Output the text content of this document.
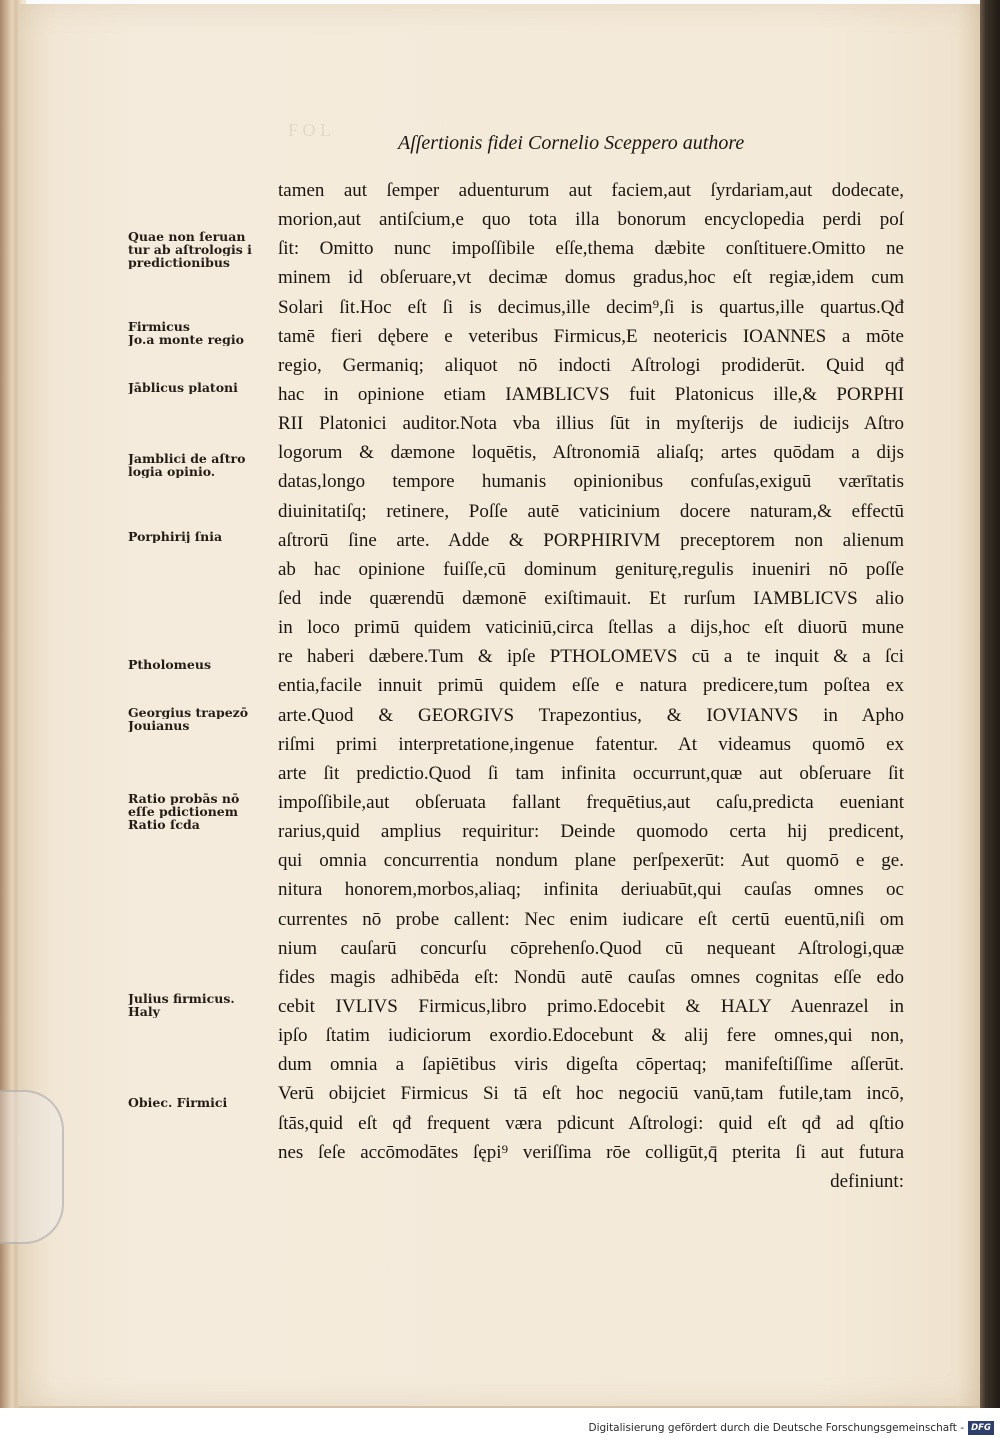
F O L

Aſſertionis fidei Cornelio Sceppero authore
tamen aut ſemper aduenturum aut faciem,aut ſyrdariam,aut dodecate,
morion,aut antiſcium,e quo tota illa bonorum encyclopedia perdi poſ
ſit: Omitto nunc impoſſibile eſſe,thema dæbite conſtituere.Omitto ne
minem id obſeruare,vt decimæ domus gradus,hoc eſt regiæ,idem cum
Solari ſit.Hoc eſt ſi is decimus,ille decim⁹,ſi is quartus,ille quartus.Qđ
tamē fieri dębere e veteribus Firmicus,E neotericis IOANNES a mōte
regio, Germaniq; aliquot nō indocti Aſtrologi prodiderūt. Quid qđ
hac in opinione etiam IAMBLICVS fuit Platonicus ille,& PORPHI
RII Platonici auditor.Nota vba illius ſūt in myſterijs de iudicijs Aſtro
logorum & dæmone loquētis, Aſtronomiā aliaſq; artes quōdam a dijs
datas,longo tempore humanis opinionibus confuſas,exiguū værītatis
diuinitatiſq; retinere, Poſſe autē vaticinium docere naturam,& effectū
aſtrorū ſine arte. Adde & PORPHIRIVM preceptorem non alienum
ab hac opinione fuiſſe,cū dominum geniturę,regulis inueniri nō poſſe
ſed inde quærendū dæmonē exiſtimauit. Et rurſum IAMBLICVS alio
in loco primū quidem vaticiniū,circa ſtellas a dijs,hoc eſt diuorū mune
re haberi dæbere.Tum & ipſe PTHOLOMEVS cū a te inquit & a ſci
entia,facile innuit primū quidem eſſe e natura predicere,tum poſtea ex
arte.Quod & GEORGIVS Trapezontius, & IOVIANVS in Apho
riſmi primi interpretatione,ingenue fatentur. At videamus quomō ex
arte ſit predictio.Quod ſi tam infinita occurrunt,quæ aut obſeruare ſit
impoſſibile,aut obſeruata fallant frequētius,aut caſu,predicta eueniant
rarius,quid amplius requiritur: Deinde quomodo certa hij predicent,
qui omnia concurrentia nondum plane perſpexerūt: Aut quomō e ge.
nitura honorem,morbos,aliaq; infinita deriuabūt,qui cauſas omnes oc
currentes nō probe callent: Nec enim iudicare eſt certū euentū,niſi om
nium cauſarū concurſu cōprehenſo.Quod cū nequeant Aſtrologi,quæ
fides magis adhibēda eſt: Nondū autē cauſas omnes cognitas eſſe edo
cebit IVLIVS Firmicus,libro primo.Edocebit & HALY Auenrazel in
ipſo ſtatim iudiciorum exordio.Edocebunt & alij fere omnes,qui non,
dum omnia a ſapiētibus viris digeſta cōpertaq; manifeſtiſſime aſſerūt.
Verū obijciet Firmicus Si tā eſt hoc negociū vanū,tam futile,tam incō,
ſtās,quid eſt qđ frequent væra pdicunt Aſtrologi: quid eſt qđ ad qſtio
nes ſeſe accōmodātes ſępi⁹ veriſſima rōe colligūt,q̄ pterita ſi aut futura
definiunt:
Quae non ſeruan
tur ab aſtrologis i
predictionibus
Firmicus
Jo.a monte regio
Jāblicus platoni
Jamblici de aſtro
logia opinio.
Porphirij ſnia
Ptholomeus
Georgius trapezō
Jouianus
Ratio probās nō
eſſe pdictionem
Ratio ſcda
Julius firmicus.
Haly
Obiec. Firmici
Digitalisierung gefördert durch die Deutsche Forschungsgemeinschaft - DFG
